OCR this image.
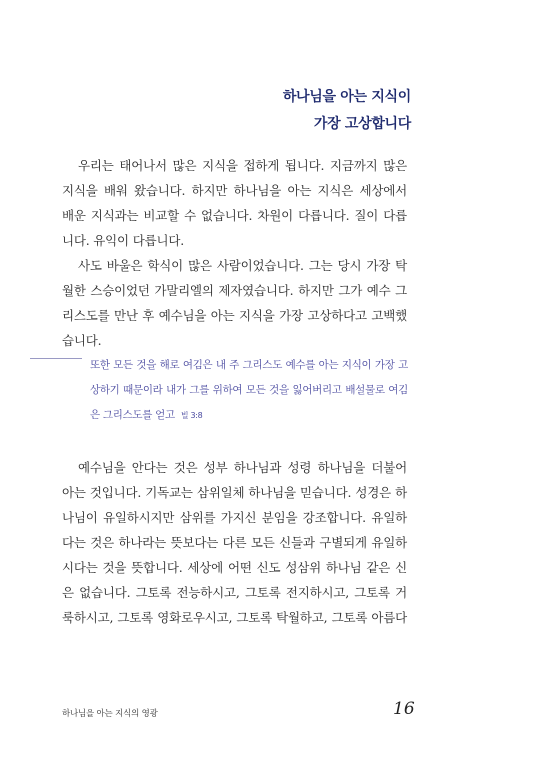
하나님을 아는 지식이
가장 고상합니다
우리는 태어나서 많은 지식을 접하게 됩니다. 지금까지 많은
지식을 배워 왔습니다. 하지만 하나님을 아는 지식은 세상에서
배운 지식과는 비교할 수 없습니다. 차원이 다릅니다. 질이 다릅
니다. 유익이 다릅니다.
사도 바울은 학식이 많은 사람이었습니다. 그는 당시 가장 탁
월한 스승이었던 가말리엘의 제자였습니다. 하지만 그가 예수 그
리스도를 만난 후 예수님을 아는 지식을 가장 고상하다고 고백했
습니다.
또한 모든 것을 해로 여김은 내 주 그리스도 예수를 아는 지식이 가장 고
상하기 때문이라 내가 그를 위하여 모든 것을 잃어버리고 배설물로 여김
은 그리스도를 얻고 빌 3:8
예수님을 안다는 것은 성부 하나님과 성령 하나님을 더불어
아는 것입니다. 기독교는 삼위일체 하나님을 믿습니다. 성경은 하
나님이 유일하시지만 삼위를 가지신 분임을 강조합니다. 유일하
다는 것은 하나라는 뜻보다는 다른 모든 신들과 구별되게 유일하
시다는 것을 뜻합니다. 세상에 어떤 신도 성삼위 하나님 같은 신
은 없습니다. 그토록 전능하시고, 그토록 전지하시고, 그토록 거
룩하시고, 그토록 영화로우시고, 그토록 탁월하고, 그토록 아름다
하나님을 아는 지식의 영광	16
